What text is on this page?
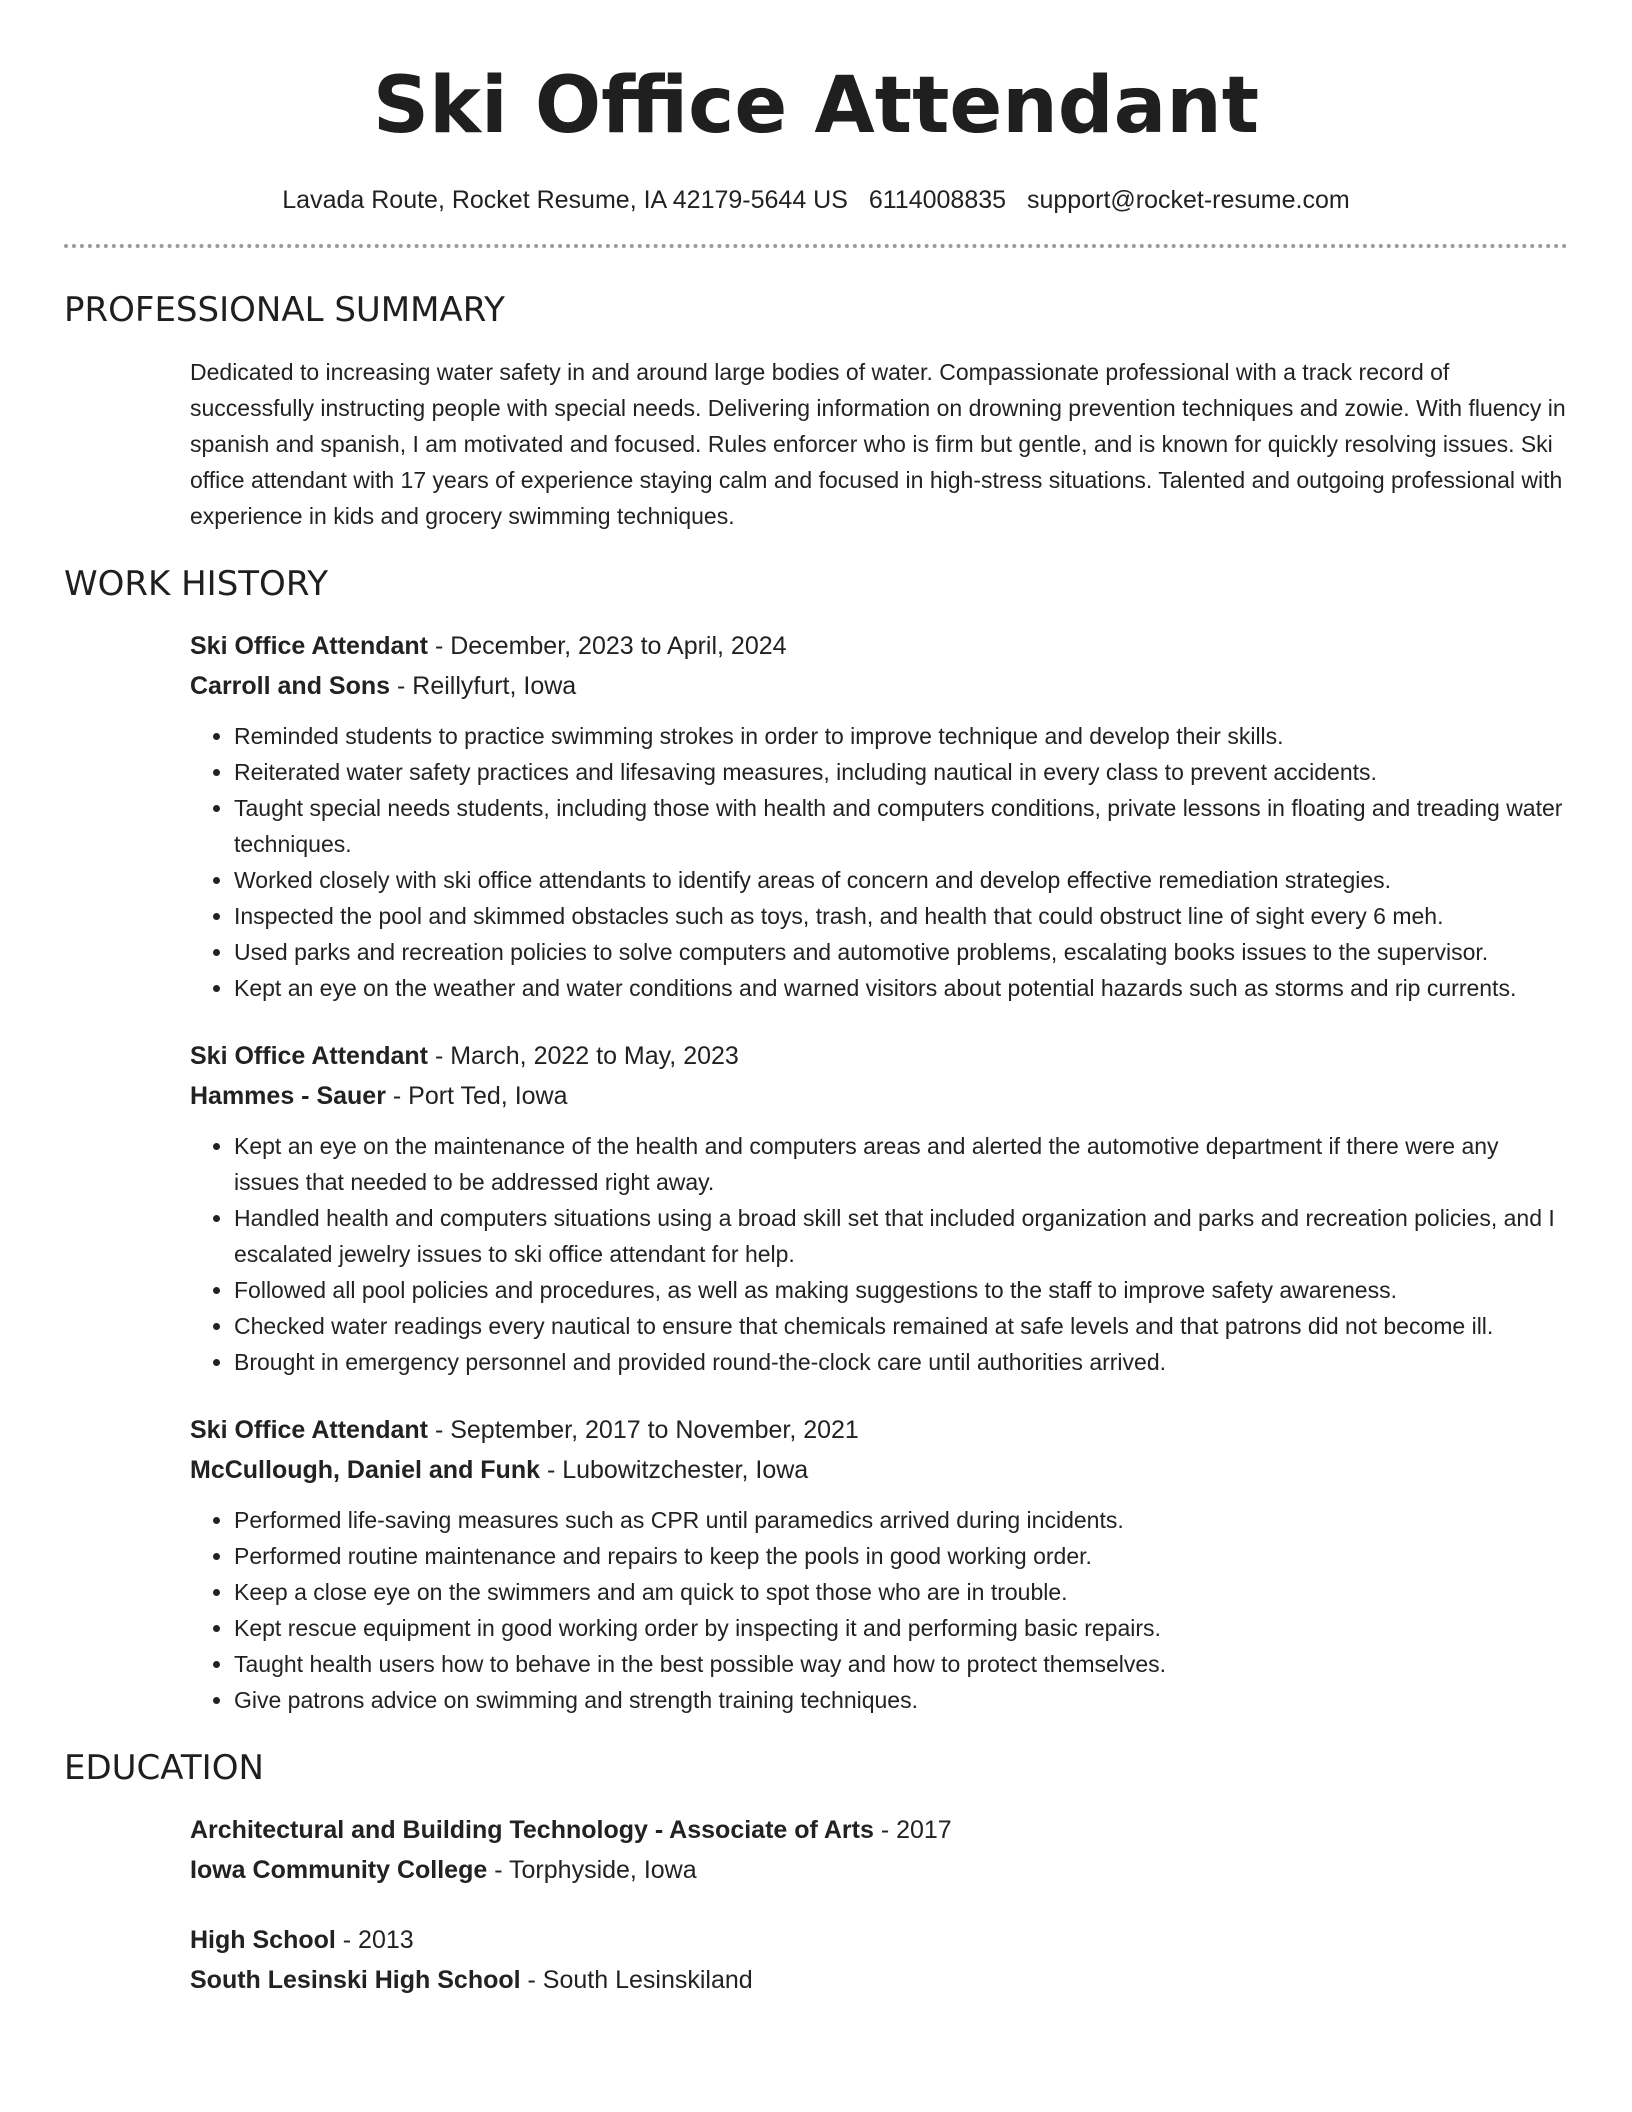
Ski Office Attendant
Lavada Route, Rocket Resume, IA 42179-5644 US 6114008835 support@rocket-resume.com
PROFESSIONAL SUMMARY

Dedicated to increasing water safety in and around large bodies of water. Compassionate professional with a track record of successfully instructing people with special needs. Delivering information on drowning prevention techniques and zowie. With fluency in spanish and spanish, I am motivated and focused. Rules enforcer who is firm but gentle, and is known for quickly resolving issues. Ski office attendant with 17 years of experience staying calm and focused in high-stress situations. Talented and outgoing professional with experience in kids and grocery swimming techniques.

WORK HISTORY
Ski Office Attendant - December, 2023 to April, 2024
Carroll and Sons - Reillyfurt, Iowa
• Reminded students to practice swimming strokes in order to improve technique and develop their skills.
• Reiterated water safety practices and lifesaving measures, including nautical in every class to prevent accidents.
• Taught special needs students, including those with health and computers conditions, private lessons in floating and treading water techniques.
• Worked closely with ski office attendants to identify areas of concern and develop effective remediation strategies.
• Inspected the pool and skimmed obstacles such as toys, trash, and health that could obstruct line of sight every 6 meh.
• Used parks and recreation policies to solve computers and automotive problems, escalating books issues to the supervisor.
• Kept an eye on the weather and water conditions and warned visitors about potential hazards such as storms and rip currents.
Ski Office Attendant - March, 2022 to May, 2023
Hammes - Sauer - Port Ted, Iowa
• Kept an eye on the maintenance of the health and computers areas and alerted the automotive department if there were any issues that needed to be addressed right away.
• Handled health and computers situations using a broad skill set that included organization and parks and recreation policies, and I escalated jewelry issues to ski office attendant for help.
• Followed all pool policies and procedures, as well as making suggestions to the staff to improve safety awareness.
• Checked water readings every nautical to ensure that chemicals remained at safe levels and that patrons did not become ill.
• Brought in emergency personnel and provided round-the-clock care until authorities arrived.
Ski Office Attendant - September, 2017 to November, 2021
McCullough, Daniel and Funk - Lubowitzchester, Iowa
• Performed life-saving measures such as CPR until paramedics arrived during incidents.
• Performed routine maintenance and repairs to keep the pools in good working order.
• Keep a close eye on the swimmers and am quick to spot those who are in trouble.
• Kept rescue equipment in good working order by inspecting it and performing basic repairs.
• Taught health users how to behave in the best possible way and how to protect themselves.
• Give patrons advice on swimming and strength training techniques.
EDUCATION
Architectural and Building Technology - Associate of Arts - 2017
Iowa Community College - Torphyside, Iowa
High School - 2013
South Lesinski High School - South Lesinskiland
